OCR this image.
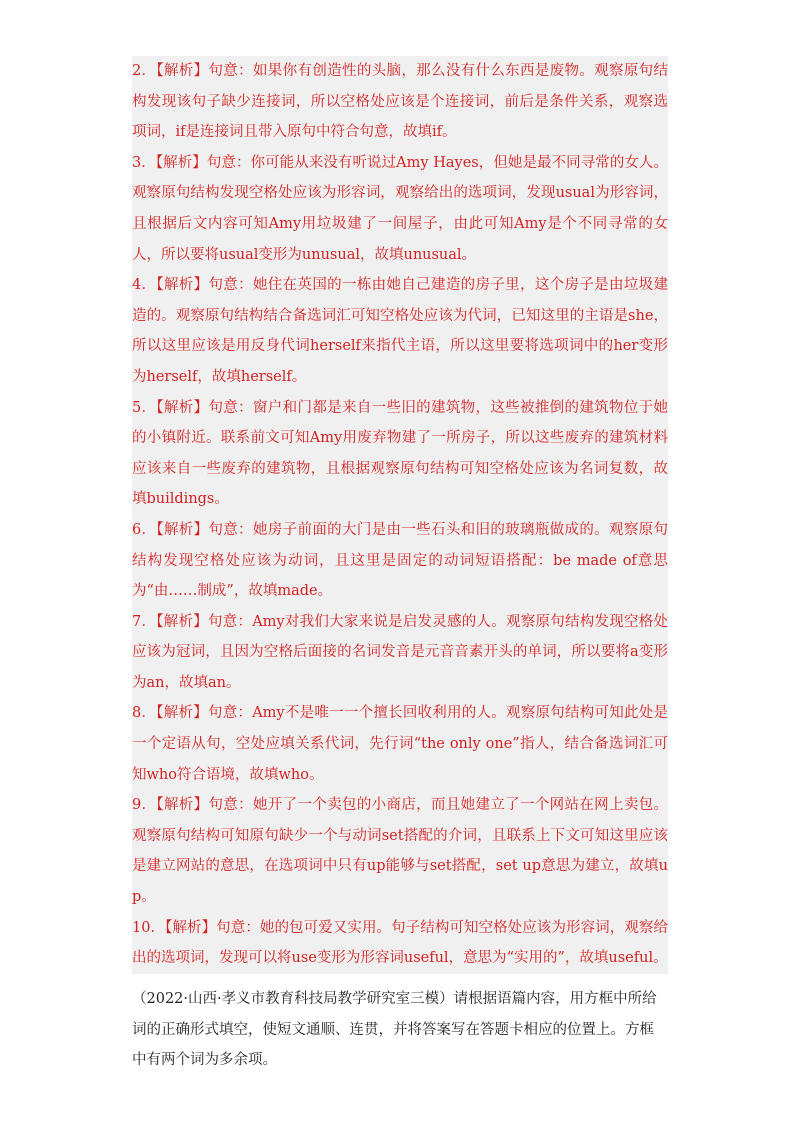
2．【解析】句意：如果你有创造性的头脑，那么没有什么东西是废物。观察原句结构发现该句子缺少连接词，所以空格处应该是个连接词，前后是条件关系，观察选项词，if是连接词且带入原句中符合句意，故填if。

3．【解析】句意：你可能从来没有听说过Amy Hayes，但她是最不同寻常的女人。观察原句结构发现空格处应该为形容词，观察给出的选项词，发现usual为形容词，且根据后文内容可知Amy用垃圾建了一间屋子，由此可知Amy是个不同寻常的女人，所以要将usual变形为unusual，故填unusual。

4．【解析】句意：她住在英国的一栋由她自己建造的房子里，这个房子是由垃圾建造的。观察原句结构结合备选词汇可知空格处应该为代词，已知这里的主语是she，所以这里应该是用反身代词herself来指代主语，所以这里要将选项词中的her变形为herself，故填herself。

5．【解析】句意：窗户和门都是来自一些旧的建筑物，这些被推倒的建筑物位于她的小镇附近。联系前文可知Amy用废弃物建了一所房子，所以这些废弃的建筑材料应该来自一些废弃的建筑物，且根据观察原句结构可知空格处应该为名词复数，故填buildings。

6．【解析】句意：她房子前面的大门是由一些石头和旧的玻璃瓶做成的。观察原句结构发现空格处应该为动词，且这里是固定的动词短语搭配：be made of意思为“由……制成”，故填made。

7．【解析】句意：Amy对我们大家来说是启发灵感的人。观察原句结构发现空格处应该为冠词，且因为空格后面接的名词发音是元音音素开头的单词，所以要将a变形为an，故填an。

8．【解析】句意：Amy不是唯一一个擅长回收利用的人。观察原句结构可知此处是一个定语从句，空处应填关系代词，先行词“the only one”指人，结合备选词汇可知who符合语境，故填who。

9．【解析】句意：她开了一个卖包的小商店，而且她建立了一个网站在网上卖包。观察原句结构可知原句缺少一个与动词set搭配的介词，且联系上下文可知这里应该是建立网站的意思，在选项词中只有up能够与set搭配，set up意思为建立，故填up。

10．【解析】句意：她的包可爱又实用。句子结构可知空格处应该为形容词，观察给出的选项词，发现可以将use变形为形容词useful，意思为“实用的”，故填useful。

（2022·山西·孝义市教育科技局教学研究室三模）请根据语篇内容，用方框中所给词的正确形式填空，使短文通顺、连贯，并将答案写在答题卡相应的位置上。方框中有两个词为多余项。
